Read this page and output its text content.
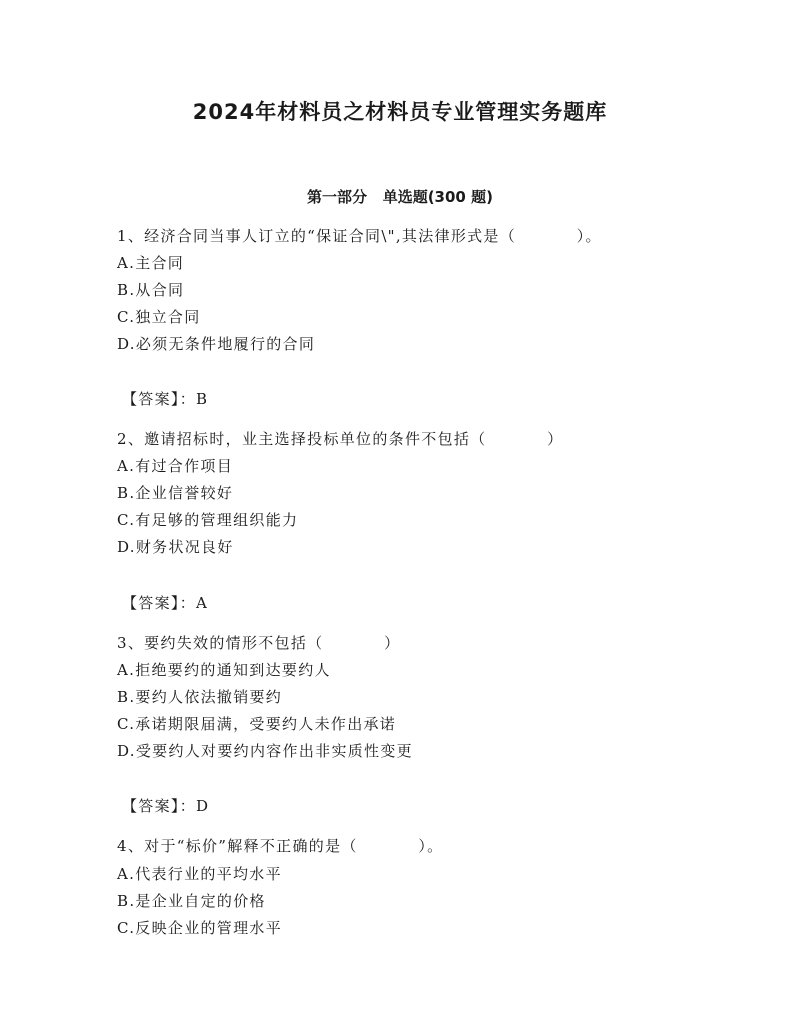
2024年材料员之材料员专业管理实务题库
第一部分   单选题(300 题)

1、经济合同当事人订立的“保证合同\",其法律形式是（          ）。

A.主合同

B.从合同

C.独立合同

D.必须无条件地履行的合同

【答案】：B

2、邀请招标时，业主选择投标单位的条件不包括（          ）

A.有过合作项目

B.企业信誉较好

C.有足够的管理组织能力

D.财务状况良好

【答案】：A

3、要约失效的情形不包括（          ）

A.拒绝要约的通知到达要约人

B.要约人依法撤销要约

C.承诺期限届满，受要约人未作出承诺

D.受要约人对要约内容作出非实质性变更

【答案】：D

4、对于“标价”解释不正确的是（          ）。

A.代表行业的平均水平

B.是企业自定的价格

C.反映企业的管理水平
